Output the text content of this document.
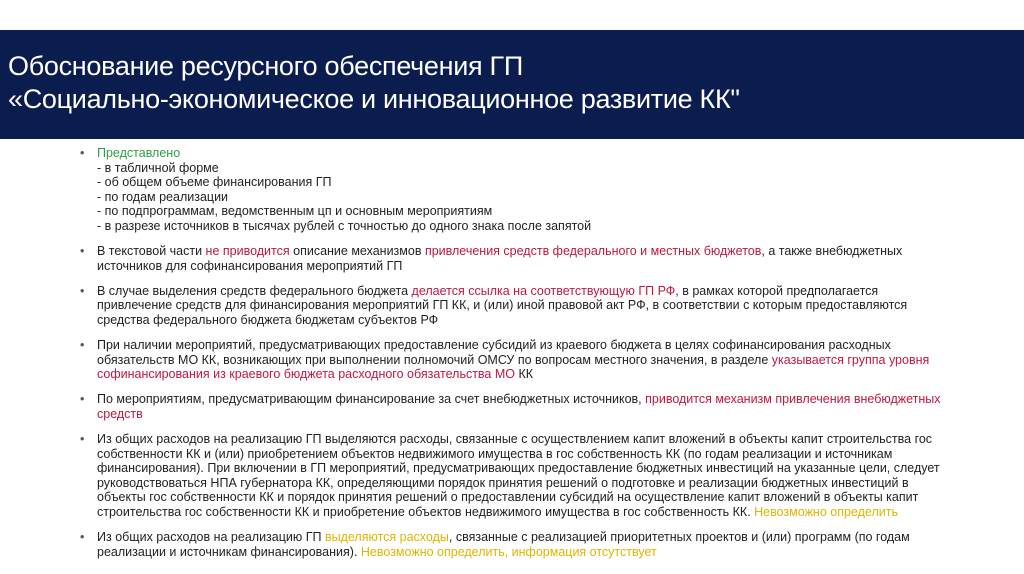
Обоснование ресурсного обеспечения ГП
«Социально-экономическое и инновационное развитие КК"
• Представлено
- в табличной форме
- об общем объеме финансирования ГП
- по годам реализации
- по подпрограммам, ведомственным цп и основным мероприятиям
- в разрезе источников в тысячах рублей с точностью до одного знака после запятой
• В текстовой части не приводится описание механизмов привлечения средств федерального и местных бюджетов, а также внебюджетных источников для софинансирования мероприятий ГП
• В случае выделения средств федерального бюджета делается ссылка на соответствующую ГП РФ, в рамках которой предполагается привлечение средств для финансирования мероприятий ГП КК, и (или) иной правовой акт РФ, в соответствии с которым предоставляются средства федерального бюджета бюджетам субъектов РФ
• При наличии мероприятий, предусматривающих предоставление субсидий из краевого бюджета в целях софинансирования расходных обязательств МО КК, возникающих при выполнении полномочий ОМСУ по вопросам местного значения, в разделе указывается группа уровня софинансирования из краевого бюджета расходного обязательства МО КК
• По мероприятиям, предусматривающим финансирование за счет внебюджетных источников, приводится механизм привлечения внебюджетных средств
• Из общих расходов на реализацию ГП выделяются расходы, связанные с осуществлением капит вложений в объекты капит строительства гос собственности КК и (или) приобретением объектов недвижимого имущества в гос собственность КК (по годам реализации и источникам финансирования). При включении в ГП мероприятий, предусматривающих предоставление бюджетных инвестиций на указанные цели, следует руководствоваться НПА губернатора КК, определяющими порядок принятия решений о подготовке и реализации бюджетных инвестиций в объекты гос собственности КК и порядок принятия решений о предоставлении субсидий на осуществление капит вложений в объекты капит строительства гос собственности КК и приобретение объектов недвижимого имущества в гос собственность КК. Невозможно определить
• Из общих расходов на реализацию ГП выделяются расходы, связанные с реализацией приоритетных проектов и (или) программ (по годам реализации и источникам финансирования). Невозможно определить, информация отсутствует
